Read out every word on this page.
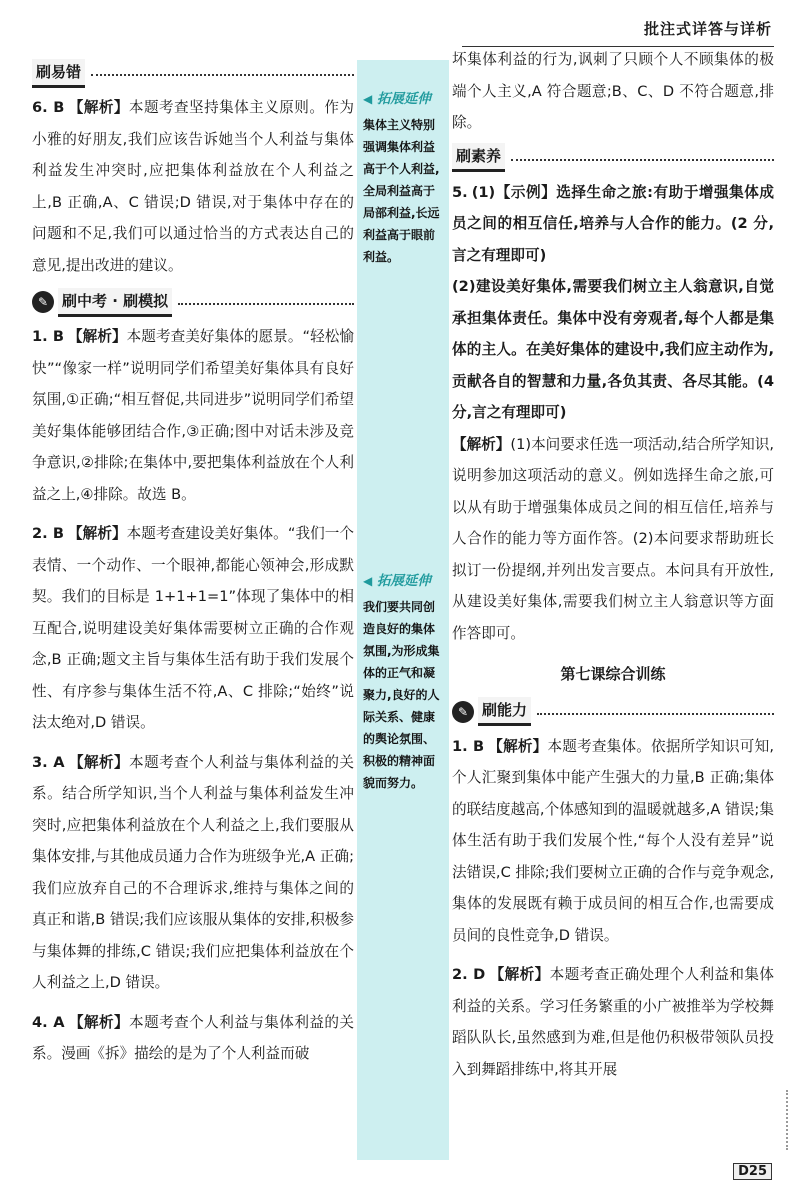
批注式详答与详析
刷易错
6. B 【解析】本题考查坚持集体主义原则。作为小雅的好朋友,我们应该告诉她当个人利益与集体利益发生冲突时,应把集体利益放在个人利益之上,B 正确,A、C 错误;D 错误,对于集体中存在的问题和不足,我们可以通过恰当的方式表达自己的意见,提出改进的建议。
✎ 刷中考 · 刷模拟
1. B 【解析】本题考查美好集体的愿景。“轻松愉快”“像家一样”说明同学们希望美好集体具有良好氛围,①正确;“相互督促,共同进步”说明同学们希望美好集体能够团结合作,③正确;图中对话未涉及竞争意识,②排除;在集体中,要把集体利益放在个人利益之上,④排除。故选 B。
2. B 【解析】本题考查建设美好集体。“我们一个表情、一个动作、一个眼神,都能心领神会,形成默契。我们的目标是 1+1+1=1”体现了集体中的相互配合,说明建设美好集体需要树立正确的合作观念,B 正确;题文主旨与集体生活有助于我们发展个性、有序参与集体生活不符,A、C 排除;“始终”说法太绝对,D 错误。
3. A 【解析】本题考查个人利益与集体利益的关系。结合所学知识,当个人利益与集体利益发生冲突时,应把集体利益放在个人利益之上,我们要服从集体安排,与其他成员通力合作为班级争光,A 正确;我们应放弃自己的不合理诉求,维持与集体之间的真正和谐,B 错误;我们应该服从集体的安排,积极参与集体舞的排练,C 错误;我们应把集体利益放在个人利益之上,D 错误。
4. A 【解析】本题考查个人利益与集体利益的关系。漫画《拆》描绘的是为了个人利益而破
◀ 拓展延伸
集体主义特别强调集体利益高于个人利益,全局利益高于局部利益,长远利益高于眼前利益。
◀ 拓展延伸
我们要共同创造良好的集体氛围,为形成集体的正气和凝聚力,良好的人际关系、健康的舆论氛围、积极的精神面貌而努力。

坏集体利益的行为,讽刺了只顾个人不顾集体的极端个人主义,A 符合题意;B、C、D 不符合题意,排除。

刷素养

5. (1)【示例】选择生命之旅:有助于增强集体成员之间的相互信任,培养与人合作的能力。(2 分,言之有理即可)

(2)建设美好集体,需要我们树立主人翁意识,自觉承担集体责任。集体中没有旁观者,每个人都是集体的主人。在美好集体的建设中,我们应主动作为,贡献各自的智慧和力量,各负其责、各尽其能。(4 分,言之有理即可)

【解析】(1)本问要求任选一项活动,结合所学知识,说明参加这项活动的意义。例如选择生命之旅,可以从有助于增强集体成员之间的相互信任,培养与人合作的能力等方面作答。(2)本问要求帮助班长拟订一份提纲,并列出发言要点。本问具有开放性,从建设美好集体,需要我们树立主人翁意识等方面作答即可。

第七课综合训练
✎ 刷能力
1. B 【解析】本题考查集体。依据所学知识可知,个人汇聚到集体中能产生强大的力量,B 正确;集体的联结度越高,个体感知到的温暖就越多,A 错误;集体生活有助于我们发展个性,“每个人没有差异”说法错误,C 排除;我们要树立正确的合作与竞争观念,集体的发展既有赖于成员间的相互合作,也需要成员间的良性竞争,D 错误。
2. D 【解析】本题考查正确处理个人利益和集体利益的关系。学习任务繁重的小广被推举为学校舞蹈队队长,虽然感到为难,但是他仍积极带领队员投入到舞蹈排练中,将其开展
D25
